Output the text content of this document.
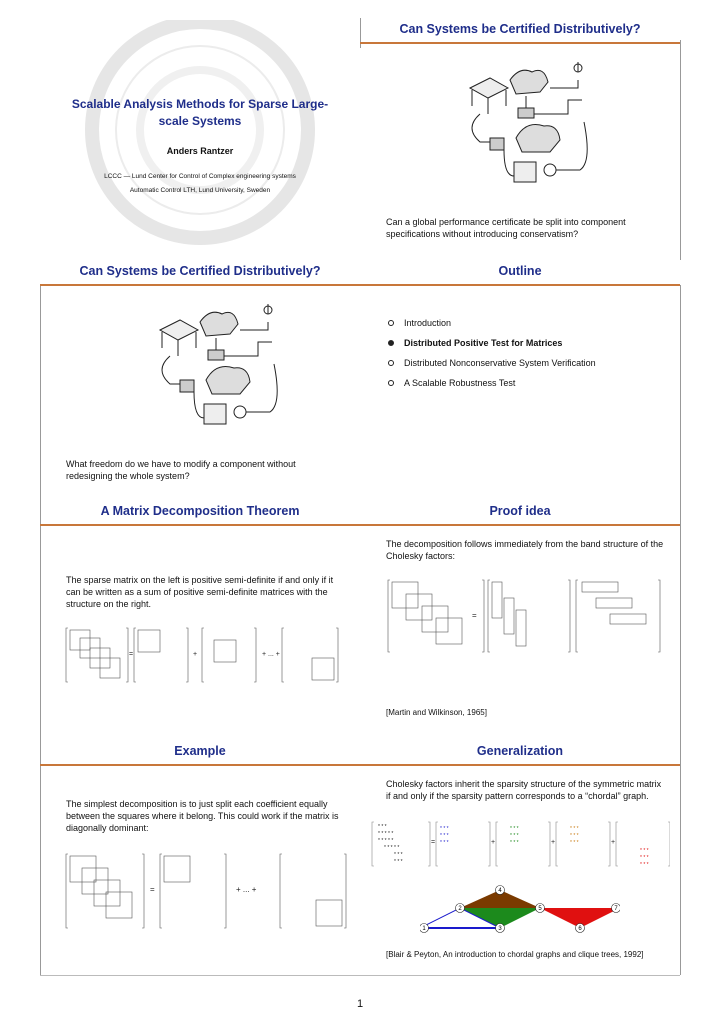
Scalable Analysis Methods for Sparse Large-scale Systems
Anders Rantzer
LCCC — Lund Center for Control of Complex engineering systems
Automatic Control LTH, Lund University, Sweden
Can Systems be Certified Distributively?
Can a global performance certificate be split into component specifications without introducing conservatism?
Can Systems be Certified Distributively?
What freedom do we have to modify a component without redesigning the whole system?
Outline
Introduction
Distributed Positive Test for Matrices
Distributed Nonconservative System Verification
A Scalable Robustness Test
A Matrix Decomposition Theorem
The sparse matrix on the left is positive semi-definite if and only if it can be written as a sum of positive semi-definite matrices with the structure on the right.
=	+	+ ... +
Proof idea
The decomposition follows immediately from the band structure of the Cholesky factors:
=
[Martin and Wilkinson, 1965]
Example
The simplest decomposition is to just split each coefficient equally between the squares where it belong. This could work if the matrix is diagonally dominant:
=	+ ... +
Generalization
Cholesky factors inherit the sparsity structure of the symmetric matrix if and only if the sparsity pattern corresponds to a “chordal” graph.
* * *
* * *
* * *
* * *
* * *
* * *
* * *
* * *
* * *
* * *
* * *
* * *
* * *
* * * * *
* * * * *
* * * * *
* * *
* * *
=	+	+	+
4
2	5	7
1	3	6
[Blair & Peyton, An introduction to chordal graphs and clique trees, 1992]
1
